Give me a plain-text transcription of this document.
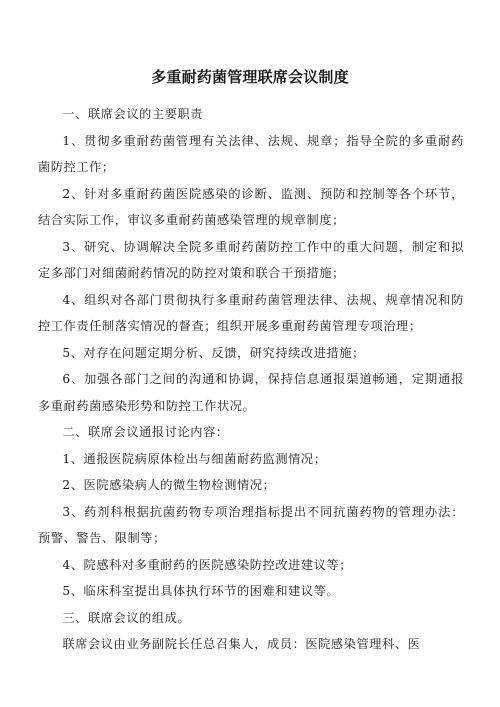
多重耐药菌管理联席会议制度

一、联席会议的主要职责

1、贯彻多重耐药菌管理有关法律、法规、规章；指导全院的多重耐药菌防控工作；

2、针对多重耐药菌医院感染的诊断、监测、预防和控制等各个环节，结合实际工作，审议多重耐药菌感染管理的规章制度；

3、研究、协调解决全院多重耐药菌防控工作中的重大问题，制定和拟定多部门对细菌耐药情况的防控对策和联合干预措施；

4、组织对各部门贯彻执行多重耐药菌管理法律、法规、规章情况和防控工作责任制落实情况的督查；组织开展多重耐药菌管理专项治理；

5、对存在问题定期分析、反馈，研究持续改进措施；

6、加强各部门之间的沟通和协调，保持信息通报渠道畅通，定期通报多重耐药菌感染形势和防控工作状况。

二、联席会议通报讨论内容：

1、通报医院病原体检出与细菌耐药监测情况；

2、医院感染病人的微生物检测情况；

3、药剂科根据抗菌药物专项治理指标提出不同抗菌药物的管理办法：预警、警告、限制等；

4、院感科对多重耐药的医院感染防控改进建议等；

5、临床科室提出具体执行环节的困难和建议等。

三、联席会议的组成。

联席会议由业务副院长任总召集人，成员：医院感染管理科、医
